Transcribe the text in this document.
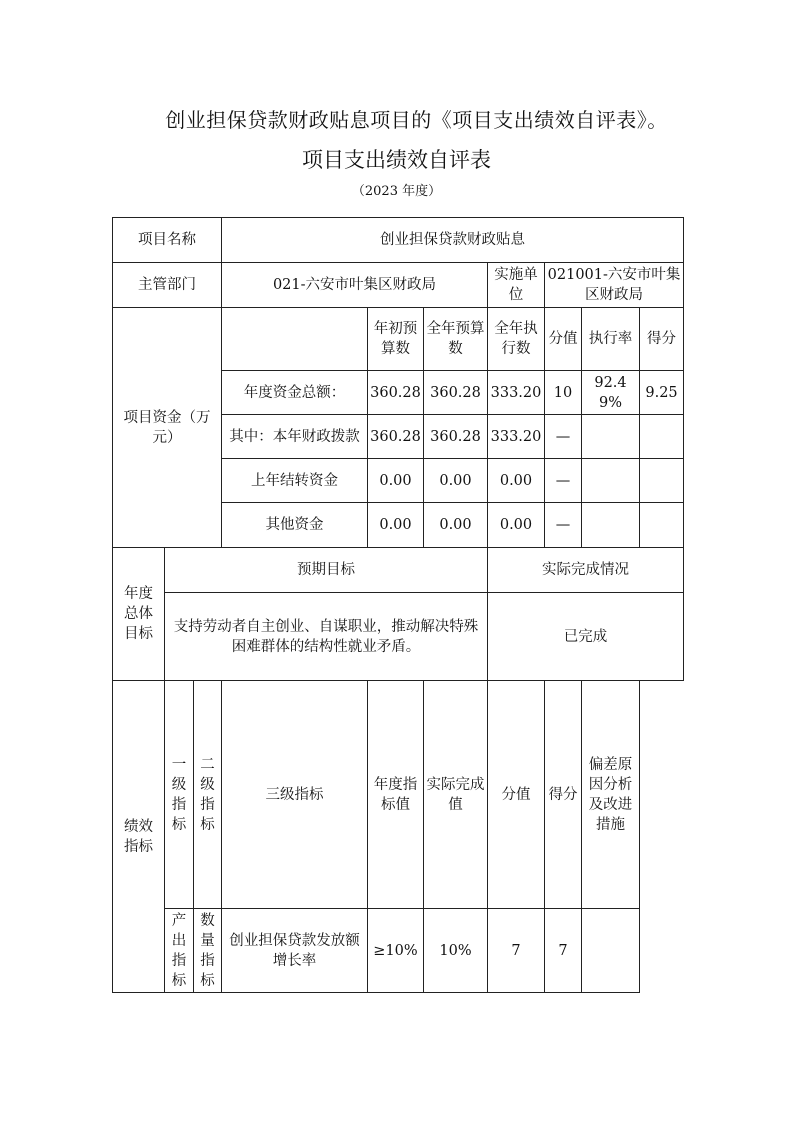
创业担保贷款财政贴息项目的《项目支出绩效自评表》。
项目支出绩效自评表
（2023 年度）
项目名称			创业担保贷款财政贴息						
主管部门			021-六安市叶集区财政局			实施单位	021001-六安市叶集区财政局		
项目资金（万元）				年初预算数	全年预算数	全年执行数	分值	执行率	得分
			年度资金总额：	360.28	360.28	333.20	10	92.49%	9.25
			其中：本年财政拨款	360.28	360.28	333.20	—		
			上年结转资金	0.00	0.00	0.00	—		
			其他资金	0.00	0.00	0.00	—		
年度总体目标	预期目标					实际完成情况			
	支持劳动者自主创业、自谋职业，推动解决特殊困难群体的结构性就业矛盾。					已完成			
绩效指标	一级指标	二级指标	三级指标	年度指标值	实际完成值	分值	得分	偏差原因分析及改进措施	
	产出指标	数量指标	创业担保贷款发放额增长率	≥10%	10%	7	7		
